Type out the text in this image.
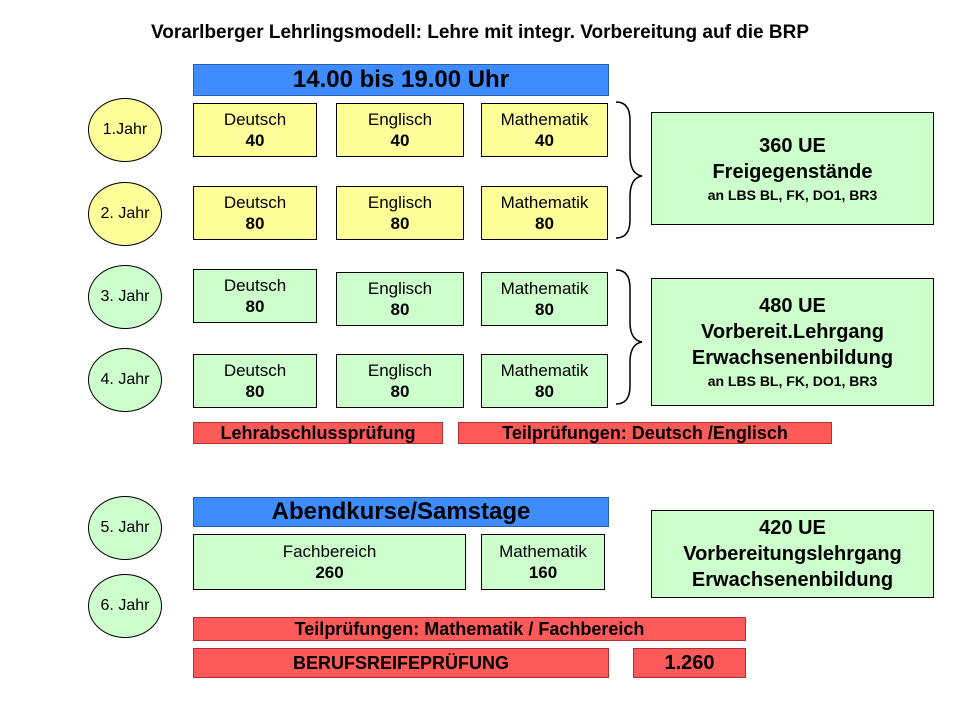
Vorarlberger Lehrlingsmodell: Lehre mit integr. Vorbereitung auf die BRP
14.00 bis 19.00 Uhr
1.Jahr
2. Jahr
3. Jahr
4. Jahr
5. Jahr
6. Jahr
Deutsch
40
Englisch
40
Mathematik
40
Deutsch
80
Englisch
80
Mathematik
80
Deutsch
80
Englisch
80
Mathematik
80
Deutsch
80
Englisch
80
Mathematik
80
360 UE
Freigegenstände
an LBS BL, FK, DO1, BR3
480 UE
Vorbereit.Lehrgang
Erwachsenenbildung
an LBS BL, FK, DO1, BR3
Lehrabschlussprüfung	Teilprüfungen: Deutsch /Englisch
Abendkurse/Samstage
Fachbereich
260
Mathematik
160
420 UE
Vorbereitungslehrgang
Erwachsenenbildung
Teilprüfungen: Mathematik / Fachbereich
BERUFSREIFEPRÜFUNG	1.260
